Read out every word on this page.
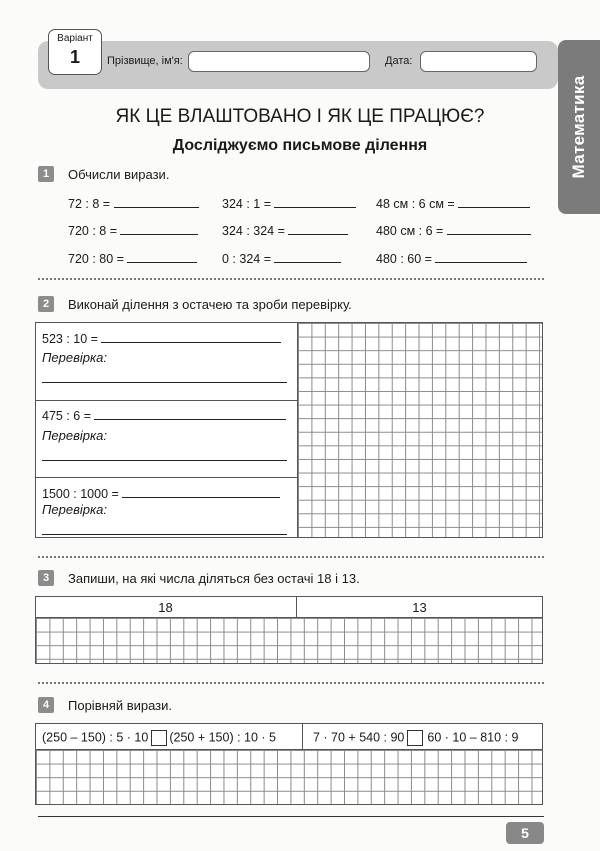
Варіант
1	Прізвище, ім'я:	Дата:
Математика
ЯК ЦЕ ВЛАШТОВАНО І ЯК ЦЕ ПРАЦЮЄ?
Досліджуємо письмове ділення
1	Обчисли вирази.
72 : 8 =	324 : 1 =	48 см : 6 см =
720 : 8 =	324 : 324 =	480 см : 6 =
720 : 80 =	0 : 324 =	480 : 60 =
2	Виконай ділення з остачею та зроби перевірку.
523 : 10 =
Перевірка:
475 : 6 =
Перевірка:
1500 : 1000 =
Перевірка:
3	Запиши, на які числа діляться без остачі 18 і 13.
18	13
4	Порівняй вирази.
(250 – 150) : 5 · 10 (250 + 150) : 10 · 5	7 · 70 + 540 : 90 60 · 10 – 810 : 9
5
